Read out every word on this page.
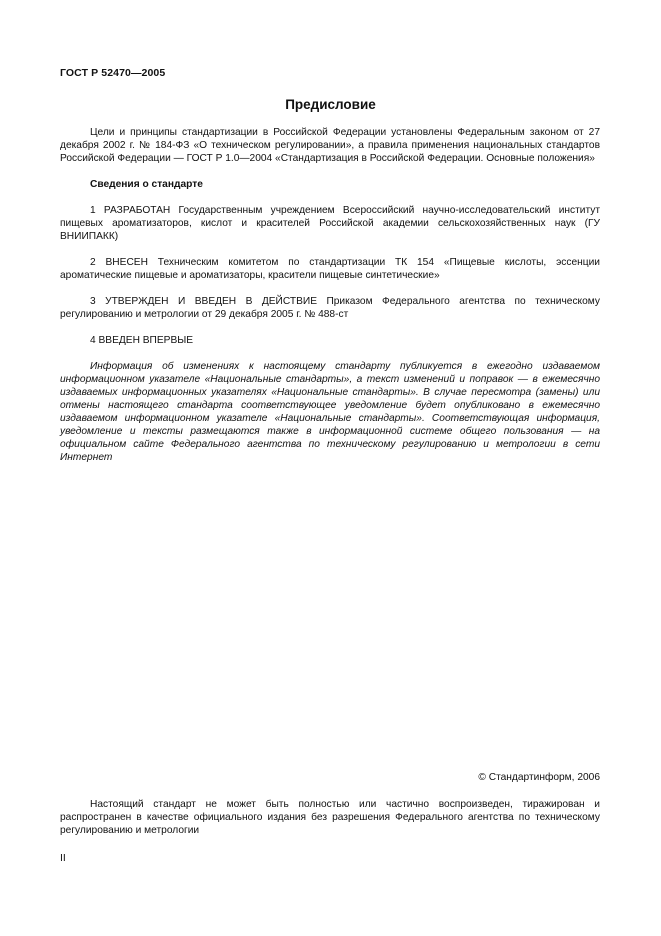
ГОСТ Р 52470—2005
Предисловие

Цели и принципы стандартизации в Российской Федерации установлены Федеральным законом от 27 декабря 2002 г. № 184-ФЗ «О техническом регулировании», а правила применения национальных стандартов Российской Федерации — ГОСТ Р 1.0—2004 «Стандартизация в Российской Федерации. Основные положения»

Сведения о стандарте

1 РАЗРАБОТАН Государственным учреждением Всероссийский научно-исследовательский институт пищевых ароматизаторов, кислот и красителей Российской академии сельскохозяйственных наук (ГУ ВНИИПАКК)

2 ВНЕСЕН Техническим комитетом по стандартизации ТК 154 «Пищевые кислоты, эссенции ароматические пищевые и ароматизаторы, красители пищевые синтетические»

3 УТВЕРЖДЕН И ВВЕДЕН В ДЕЙСТВИЕ Приказом Федерального агентства по техническому регулированию и метрологии от 29 декабря 2005 г. № 488-ст

4 ВВЕДЕН ВПЕРВЫЕ

Информация об изменениях к настоящему стандарту публикуется в ежегодно издаваемом информационном указателе «Национальные стандарты», а текст изменений и поправок — в ежемесячно издаваемых информационных указателях «Национальные стандарты». В случае пересмотра (замены) или отмены настоящего стандарта соответствующее уведомление будет опубликовано в ежемесячно издаваемом информационном указателе «Национальные стандарты». Соответствующая информация, уведомление и тексты размещаются также в информационной системе общего пользования — на официальном сайте Федерального агентства по техническому регулированию и метрологии в сети Интернет

© Стандартинформ, 2006
Настоящий стандарт не может быть полностью или частично воспроизведен, тиражирован и распространен в качестве официального издания без разрешения Федерального агентства по техническому регулированию и метрологии
II
